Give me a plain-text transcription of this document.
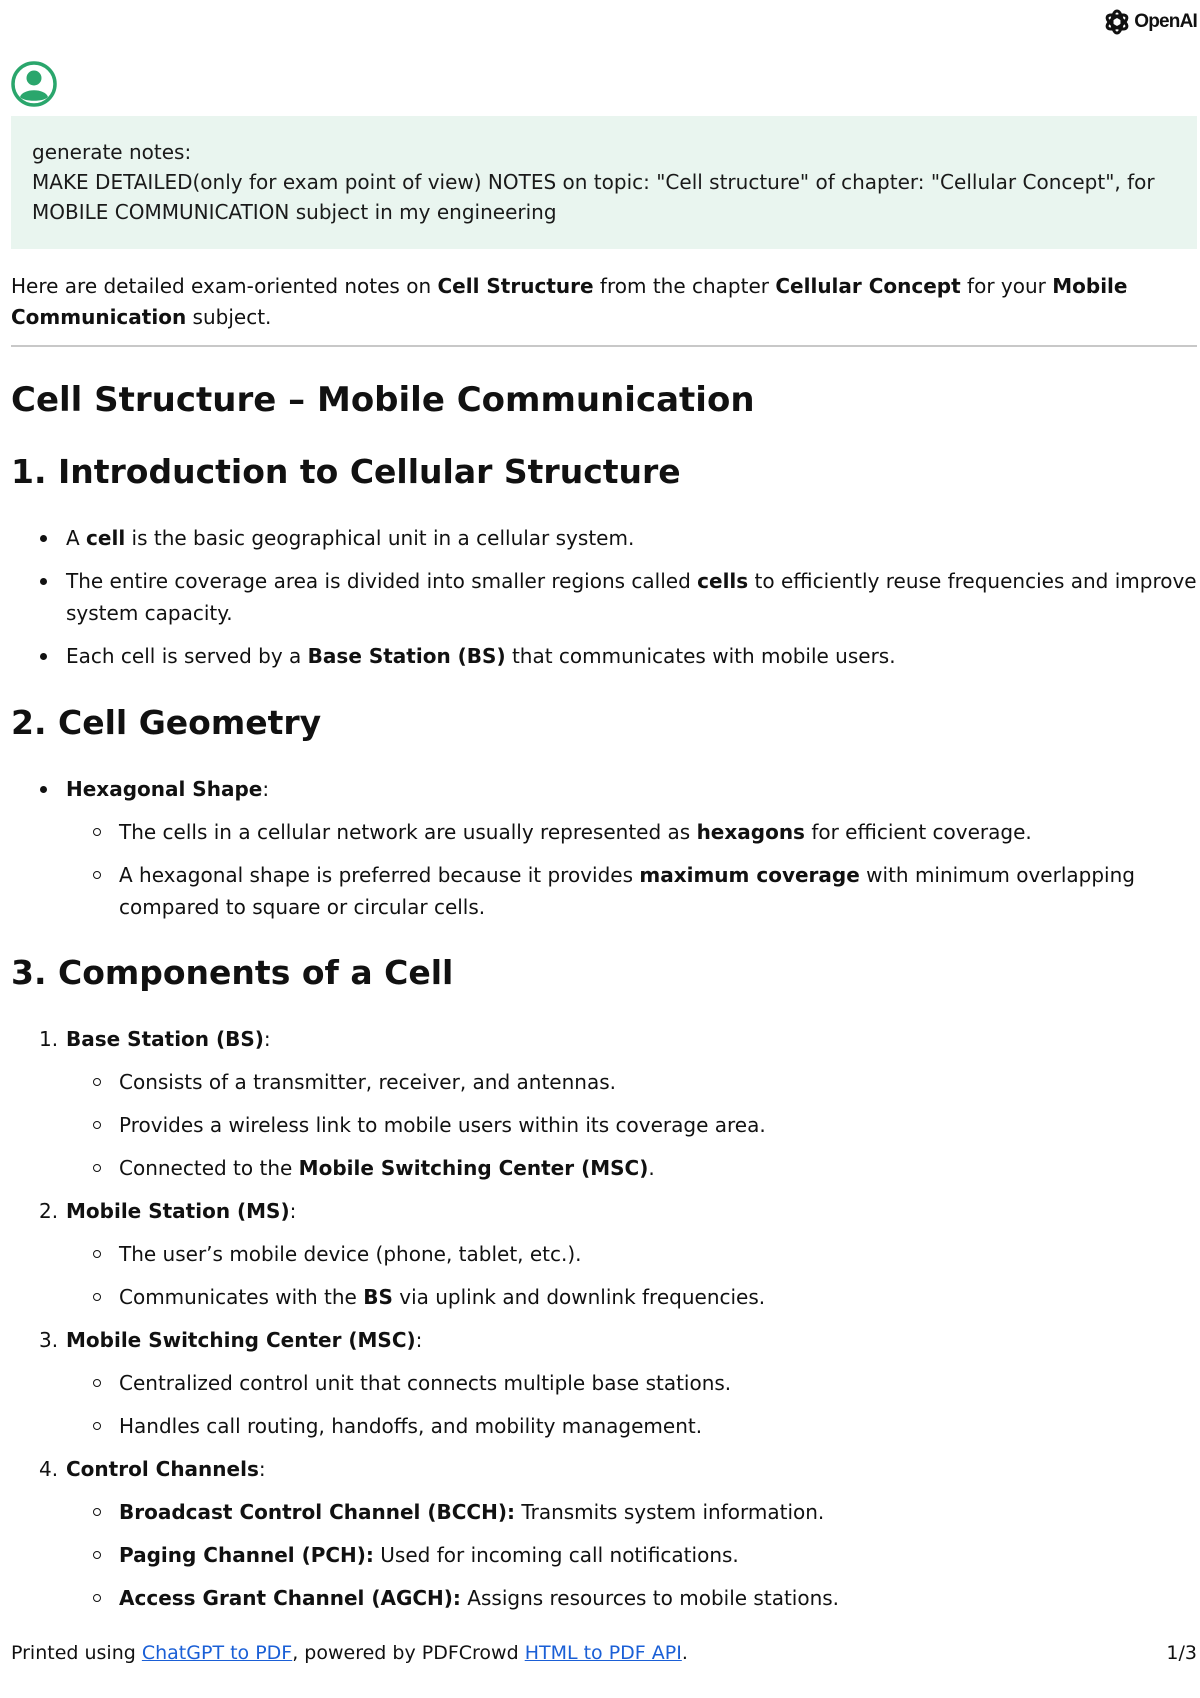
OpenAI

generate notes:

MAKE DETAILED(only for exam point of view) NOTES on topic: "Cell structure" of chapter: "Cellular Concept", for MOBILE COMMUNICATION subject in my engineering

Here are detailed exam-oriented notes on Cell Structure from the chapter Cellular Concept for your Mobile Communication subject.

Cell Structure – Mobile Communication
1. Introduction to Cellular Structure
A cell is the basic geographical unit in a cellular system.
The entire coverage area is divided into smaller regions called cells to efficiently reuse frequencies and improve system capacity.
Each cell is served by a Base Station (BS) that communicates with mobile users.
2. Cell Geometry
Hexagonal Shape:
The cells in a cellular network are usually represented as hexagons for efficient coverage.
A hexagonal shape is preferred because it provides maximum coverage with minimum overlapping compared to square or circular cells.
3. Components of a Cell
1. Base Station (BS):
Consists of a transmitter, receiver, and antennas.
Provides a wireless link to mobile users within its coverage area.
Connected to the Mobile Switching Center (MSC).
2. Mobile Station (MS):
The user’s mobile device (phone, tablet, etc.).
Communicates with the BS via uplink and downlink frequencies.
3. Mobile Switching Center (MSC):
Centralized control unit that connects multiple base stations.
Handles call routing, handoffs, and mobility management.
4. Control Channels:
Broadcast Control Channel (BCCH): Transmits system information.
Paging Channel (PCH): Used for incoming call notifications.
Access Grant Channel (AGCH): Assigns resources to mobile stations.
Printed using ChatGPT to PDF, powered by PDFCrowd HTML to PDF API.	1/3
